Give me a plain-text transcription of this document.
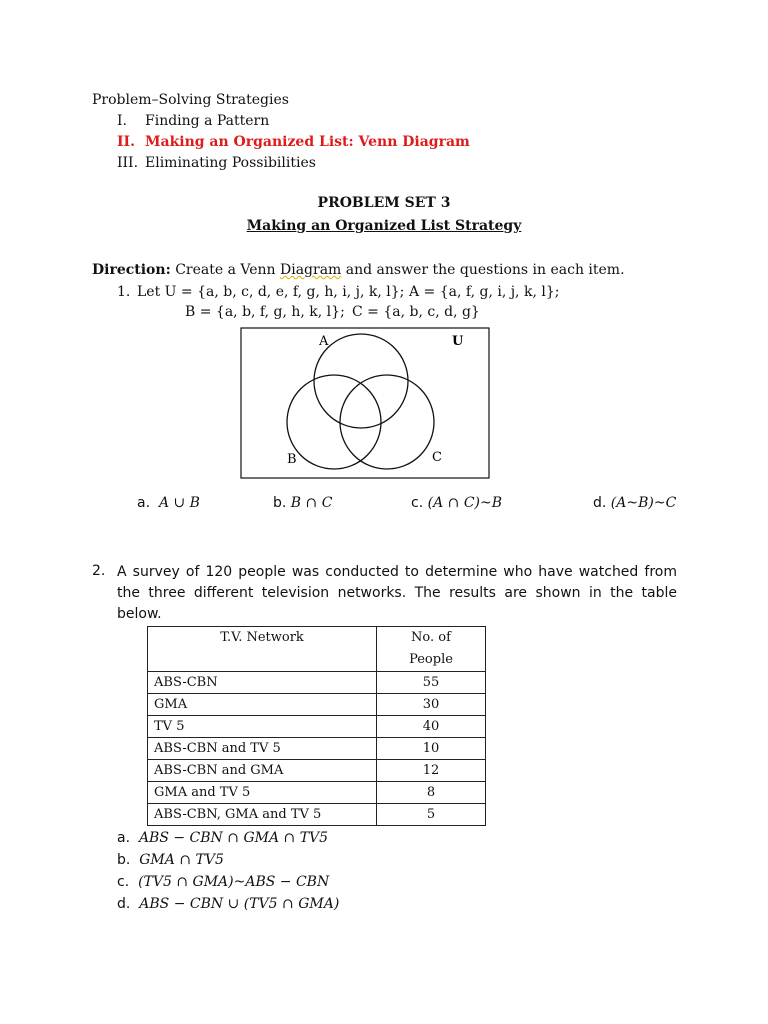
Problem–Solving Strategies
I. Finding a Pattern
II. Making an Organized List: Venn Diagram
III. Eliminating Possibilities
PROBLEM SET 3
Making an Organized List Strategy
Direction: Create a Venn Diagram and answer the questions in each item.
1. Let U = {a, b, c, d, e, f, g, h, i, j, k, l}; A = {a, f, g, i, j, k, l};
B = {a, b, f, g, h, k, l}; C = {a, b, c, d, g}
A	U
B	C
a. A ∪ B	b. B ∩ C	c. (A ∩ C)~B	d. (A~B)~C
2. A survey of 120 people was conducted to determine who have watched from the three different television networks. The results are shown in the table below.
T.V. Network	No. of
People
ABS-CBN	55
GMA	30
TV 5	40
ABS-CBN and TV 5	10
ABS-CBN and GMA	12
GMA and TV 5	8
ABS-CBN, GMA and TV 5	5
a. ABS − CBN ∩ GMA ∩ TV5
b. GMA ∩ TV5
c. (TV5 ∩ GMA)~ABS − CBN
d. ABS − CBN ∪ (TV5 ∩ GMA)
